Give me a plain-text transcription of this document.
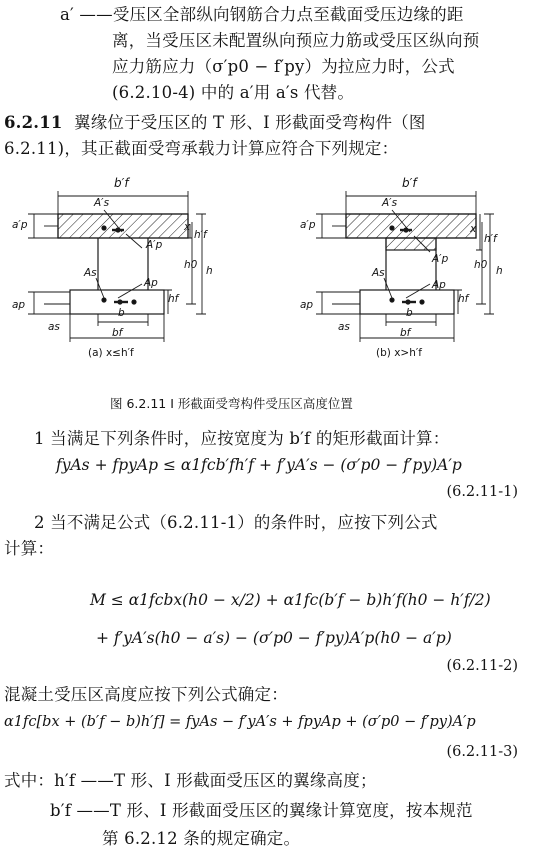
a′ ——受压区全部纵向钢筋合力点至截面受压边缘的距
离，当受压区未配置纵向预应力筋或受压区纵向预
应力筋应力（σ′p0 − f′py）为拉应力时，公式
(6.2.10-4) 中的 a′用 a′s 代替。
6.2.11 翼缘位于受压区的 T 形、I 形截面受弯构件（图
6.2.11)，其正截面受弯承载力计算应符合下列规定：
b′f
A′s
A′p
As
Ap
h0 h
x
h′f
hf
b
bf
a′p
ap
as
b′f
A′s
A′p
As
Ap
h0 h
x
h′f
hf
b
bf
a′p
ap
as
(a) x≤h′f	(b) x>h′f
图 6.2.11 I 形截面受弯构件受压区高度位置
1 当满足下列条件时，应按宽度为 b′f 的矩形截面计算：
fyAs + fpyAp ≤ α1fcb′fh′f + f′yA′s − (σ′p0 − f′py)A′p
(6.2.11-1)
2 当不满足公式（6.2.11-1）的条件时，应按下列公式
计算：
M ≤ α1fcbx(h0 − x/2) + α1fc(b′f − b)h′f(h0 − h′f/2)
+ f′yA′s(h0 − a′s) − (σ′p0 − f′py)A′p(h0 − a′p)
(6.2.11-2)
混凝土受压区高度应按下列公式确定：
α1fc[bx + (b′f − b)h′f] = fyAs − f′yA′s + fpyAp + (σ′p0 − f′py)A′p
(6.2.11-3)
式中：h′f ——T 形、I 形截面受压区的翼缘高度；
b′f ——T 形、I 形截面受压区的翼缘计算宽度，按本规范
第 6.2.12 条的规定确定。
